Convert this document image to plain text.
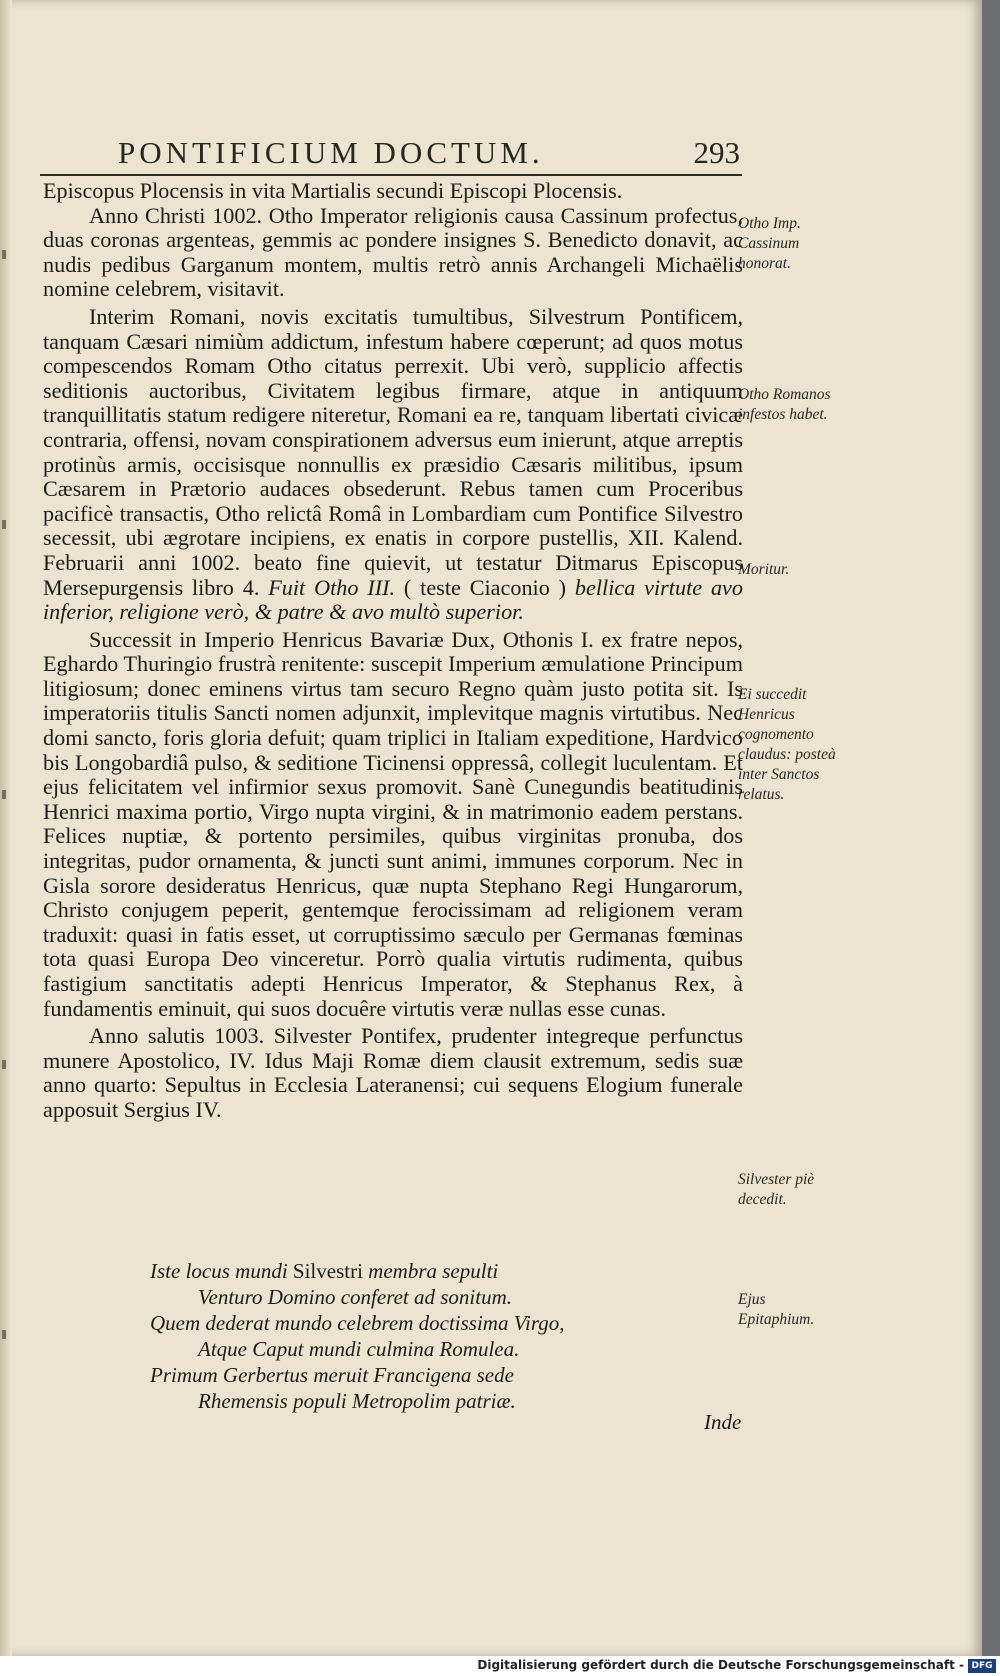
PONTIFICIUM DOCTUM.	293

Episcopus Plocensis in vita Martialis secundi Episcopi Plocensis.

Anno Christi 1002. Otho Imperator religionis causa Cassinum profectus, duas coronas argenteas, gemmis ac pondere insignes S. Benedicto donavit, ac nudis pedibus Garganum montem, multis retrò annis Archangeli Michaëlis nomine celebrem, visitavit.

Interim Romani, novis excitatis tumultibus, Silvestrum Pontificem, tanquam Cæsari nimiùm addictum, infestum habere cœperunt; ad quos motus compescendos Romam Otho citatus perrexit. Ubi verò, supplicio affectis seditionis auctoribus, Civitatem legibus firmare, atque in antiquum tranquillitatis statum redigere niteretur, Romani ea re, tanquam libertati civicæ contraria, offensi, novam conspirationem adversus eum inierunt, atque arreptis protinùs armis, occisisque nonnullis ex præsidio Cæsaris militibus, ipsum Cæsarem in Prætorio audaces obsederunt. Rebus tamen cum Proceribus pacificè transactis, Otho relictâ Româ in Lombardiam cum Pontifice Silvestro secessit, ubi ægrotare incipiens, ex enatis in corpore pustellis, XII. Kalend. Februarii anni 1002. beato fine quievit, ut testatur Ditmarus Episcopus Mersepurgensis libro 4. Fuit Otho III. ( teste Ciaconio ) bellica virtute avo inferior, religione verò, & patre & avo multò superior.

Successit in Imperio Henricus Bavariæ Dux, Othonis I. ex fratre nepos, Eghardo Thuringio frustrà renitente: suscepit Imperium æmulatione Principum litigiosum; donec eminens virtus tam securo Regno quàm justo potita sit. Is imperatoriis titulis Sancti nomen adjunxit, implevitque magnis virtutibus. Nec domi sancto, foris gloria defuit; quam triplici in Italiam expeditione, Hardvico bis Longobardiâ pulso, & seditione Ticinensi oppressâ, collegit luculentam. Et ejus felicitatem vel infirmior sexus promovit. Sanè Cunegundis beatitudinis Henrici maxima portio, Virgo nupta virgini, & in matrimonio eadem perstans. Felices nuptiæ, & portento persimiles, quibus virginitas pronuba, dos integritas, pudor ornamenta, & juncti sunt animi, immunes corporum. Nec in Gisla sorore desideratus Henricus, quæ nupta Stephano Regi Hungarorum, Christo conjugem peperit, gentemque ferocissimam ad religionem veram traduxit: quasi in fatis esset, ut corruptissimo sæculo per Germanas fœminas tota quasi Europa Deo vinceretur. Porrò qualia virtutis rudimenta, quibus fastigium sanctitatis adepti Henricus Imperator, & Stephanus Rex, à fundamentis eminuit, qui suos docuêre virtutis veræ nullas esse cunas.

Anno salutis 1003. Silvester Pontifex, prudenter integreque perfunctus munere Apostolico, IV. Idus Maji Romæ diem clausit extremum, sedis suæ anno quarto: Sepultus in Ecclesia Lateranensi; cui sequens Elogium funerale apposuit Sergius IV.

Iste locus mundi Silvestri membra sepulti
Venturo Domino conferet ad sonitum.
Quem dederat mundo celebrem doctissima Virgo,
Atque Caput mundi culmina Romulea.
Primum Gerbertus meruit Francigena sede
Rhemensis populi Metropolim patriæ.
Otho Imp. Cassinum honorat.
Otho Romanos infestos habet.
Moritur.
Ei succedit Henricus cognomento claudus: posteà inter Sanctos relatus.
Silvester piè decedit.
Ejus Epitaphium.
Inde
Digitalisierung gefördert durch die Deutsche Forschungsgemeinschaft - DFG
